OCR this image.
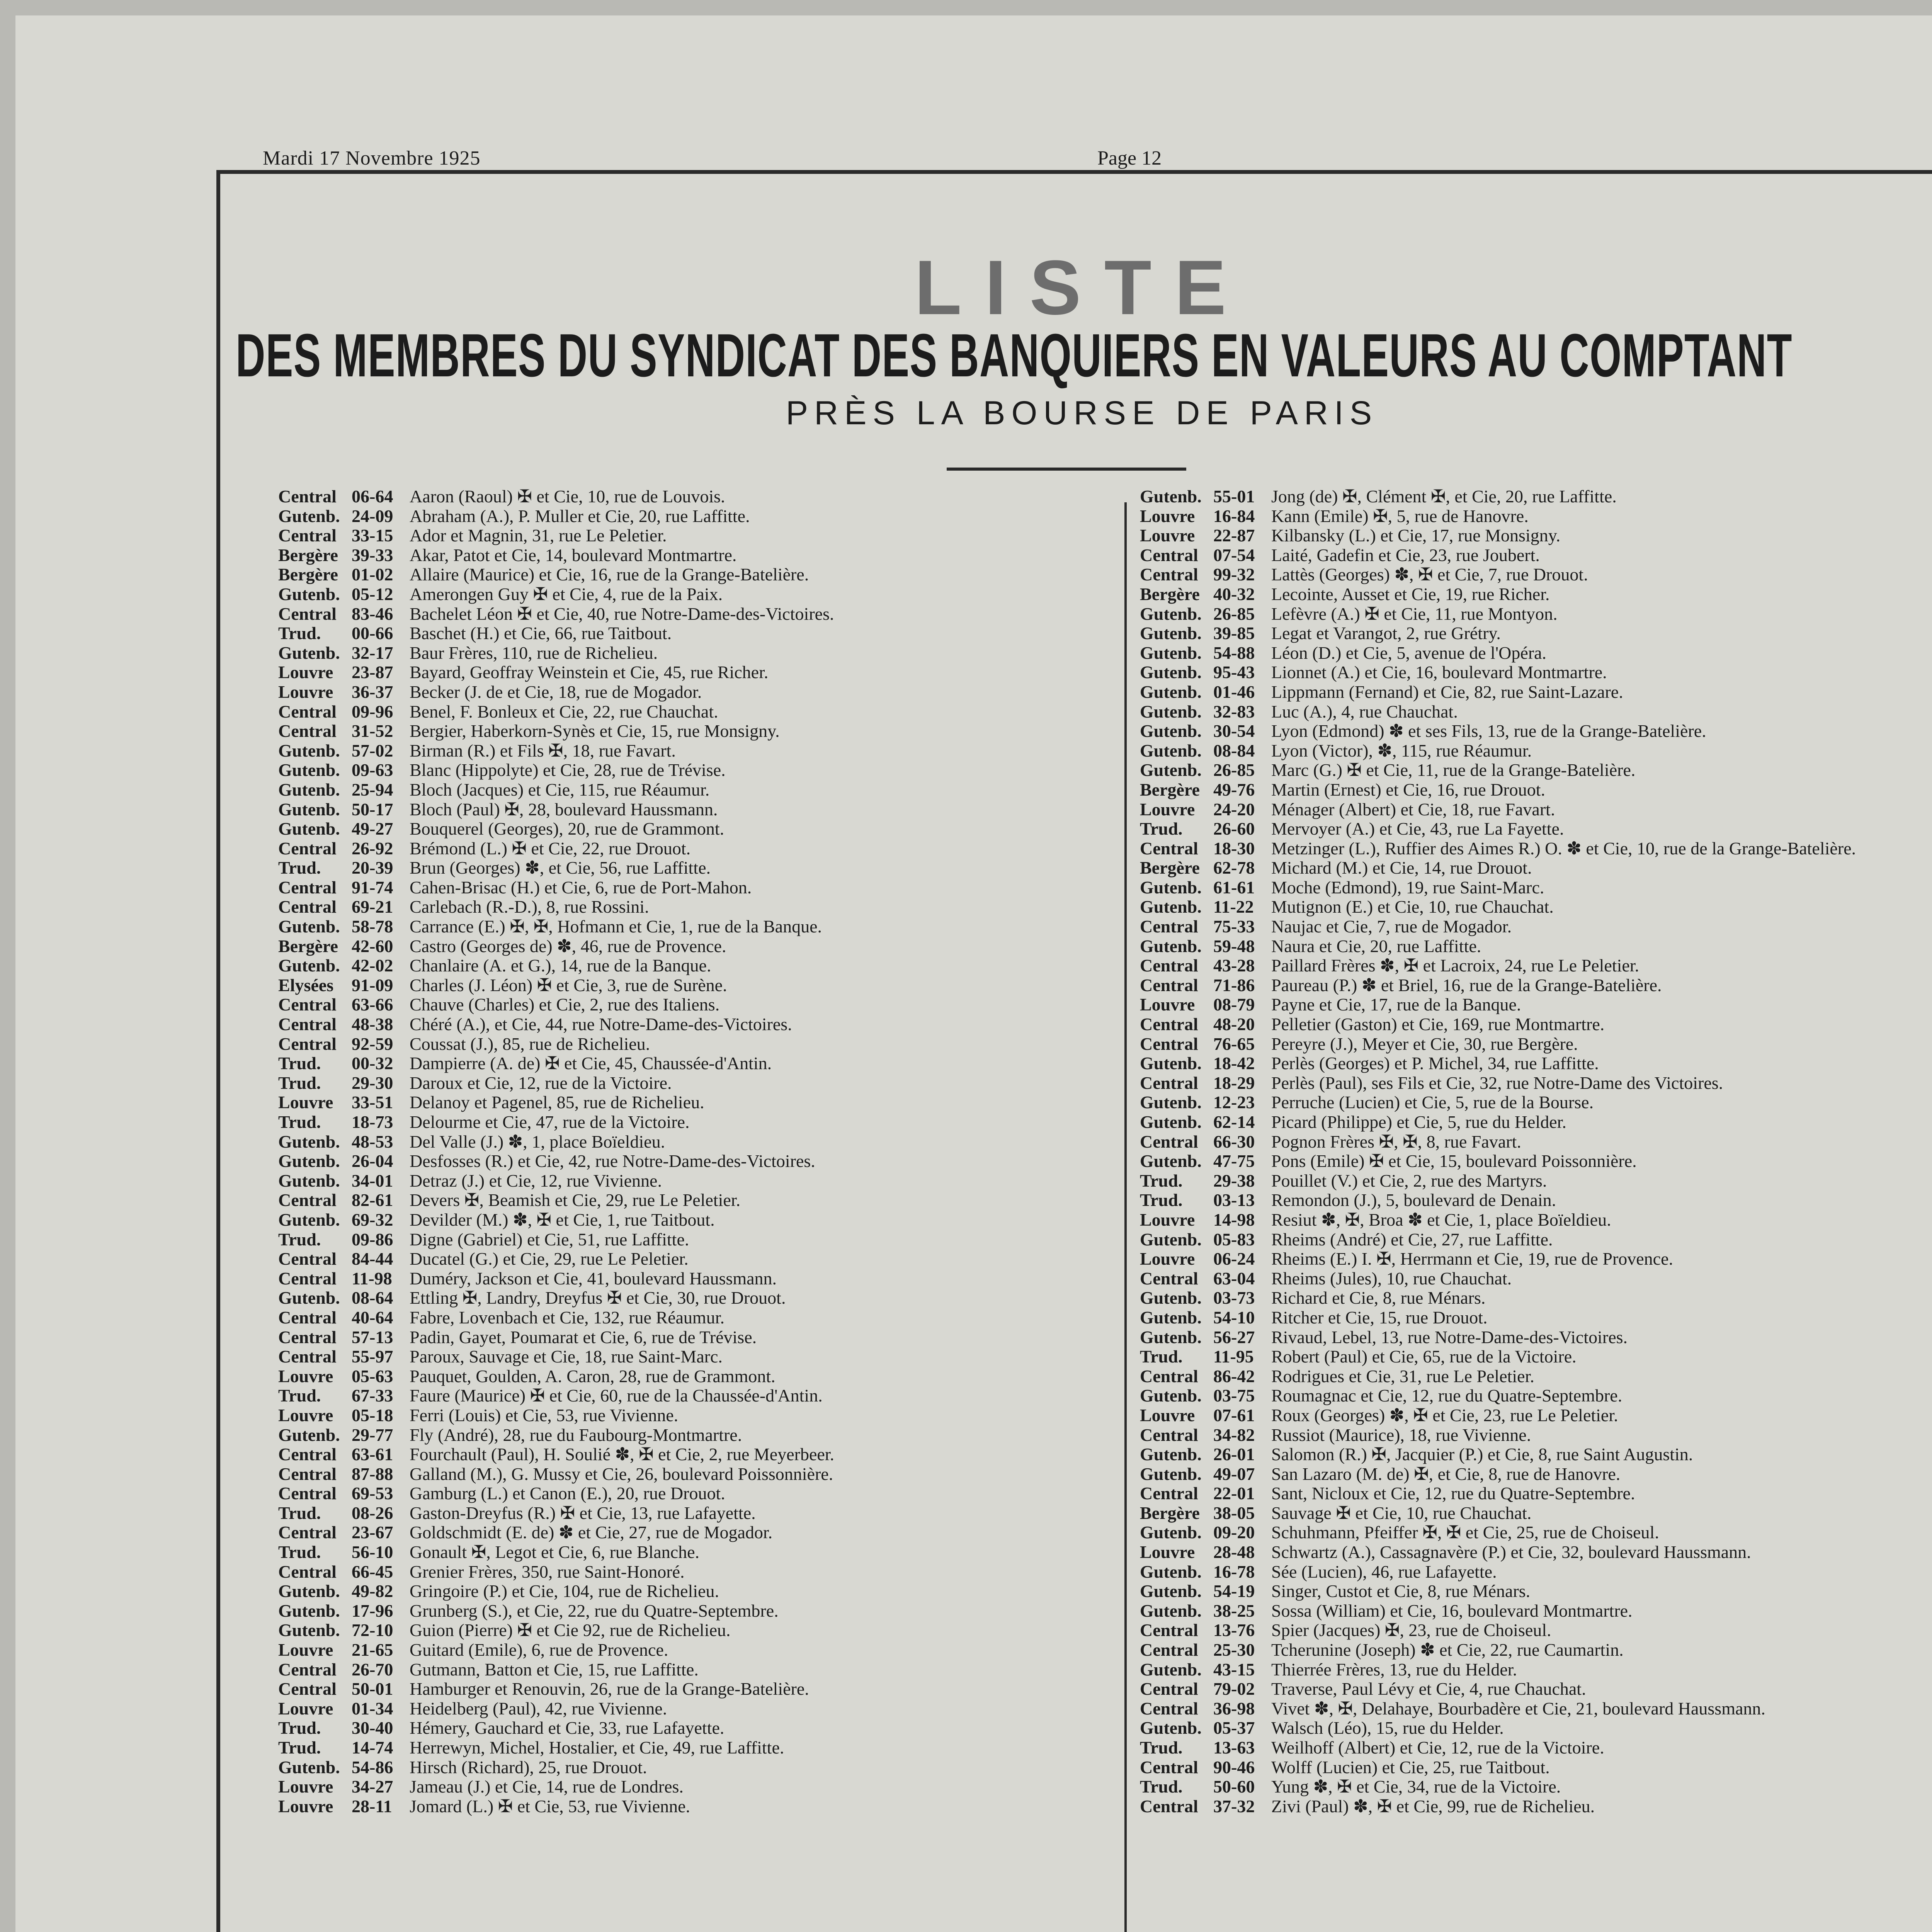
Mardi 17 Novembre 1925	Page 12
LISTE
DES MEMBRES DU SYNDICAT DES BANQUIERS EN VALEURS AU COMPTANT
PRÈS LA BOURSE DE PARIS
Central 06-64 Aaron (Raoul) ✠ et Cie, 10, rue de Louvois.
Gutenb. 24-09 Abraham (A.), P. Muller et Cie, 20, rue Laffitte.
Central 33-15 Ador et Magnin, 31, rue Le Peletier.
Bergère 39-33 Akar, Patot et Cie, 14, boulevard Montmartre.
Bergère 01-02 Allaire (Maurice) et Cie, 16, rue de la Grange-Batelière.
Gutenb. 05-12 Amerongen Guy ✠ et Cie, 4, rue de la Paix.
Central 83-46 Bachelet Léon ✠ et Cie, 40, rue Notre-Dame-des-Victoires.
Trud.	00-66 Baschet (H.) et Cie, 66, rue Taitbout.
Gutenb. 32-17 Baur Frères, 110, rue de Richelieu.
Louvre	23-87 Bayard, Geoffray Weinstein et Cie, 45, rue Richer.
Louvre	36-37 Becker (J. de et Cie, 18, rue de Mogador.
Central 09-96 Benel, F. Bonleux et Cie, 22, rue Chauchat.
Central 31-52 Bergier, Haberkorn-Synès et Cie, 15, rue Monsigny.
Gutenb. 57-02 Birman (R.) et Fils ✠, 18, rue Favart.
Gutenb. 09-63 Blanc (Hippolyte) et Cie, 28, rue de Trévise.
Gutenb. 25-94 Bloch (Jacques) et Cie, 115, rue Réaumur.
Gutenb. 50-17 Bloch (Paul) ✠, 28, boulevard Haussmann.
Gutenb. 49-27 Bouquerel (Georges), 20, rue de Grammont.
Central 26-92 Brémond (L.) ✠ et Cie, 22, rue Drouot.
Trud.	20-39 Brun (Georges) ✽, et Cie, 56, rue Laffitte.
Central 91-74 Cahen-Brisac (H.) et Cie, 6, rue de Port-Mahon.
Central 69-21 Carlebach (R.-D.), 8, rue Rossini.
Gutenb. 58-78 Carrance (E.) ✠, ✠, Hofmann et Cie, 1, rue de la Banque.
Bergère 42-60 Castro (Georges de) ✽, 46, rue de Provence.
Gutenb. 42-02 Chanlaire (A. et G.), 14, rue de la Banque.
Elysées	91-09 Charles (J. Léon) ✠ et Cie, 3, rue de Surène.
Central 63-66 Chauve (Charles) et Cie, 2, rue des Italiens.
Central 48-38 Chéré (A.), et Cie, 44, rue Notre-Dame-des-Victoires.
Central 92-59 Coussat (J.), 85, rue de Richelieu.
Trud.	00-32 Dampierre (A. de) ✠ et Cie, 45, Chaussée-d'Antin.
Trud.	29-30 Daroux et Cie, 12, rue de la Victoire.
Louvre	33-51 Delanoy et Pagenel, 85, rue de Richelieu.
Trud.	18-73 Delourme et Cie, 47, rue de la Victoire.
Gutenb. 48-53 Del Valle (J.) ✽, 1, place Boïeldieu.
Gutenb. 26-04 Desfosses (R.) et Cie, 42, rue Notre-Dame-des-Victoires.
Gutenb. 34-01 Detraz (J.) et Cie, 12, rue Vivienne.
Central 82-61 Devers ✠, Beamish et Cie, 29, rue Le Peletier.
Gutenb. 69-32 Devilder (M.) ✽, ✠ et Cie, 1, rue Taitbout.
Trud.	09-86 Digne (Gabriel) et Cie, 51, rue Laffitte.
Central 84-44 Ducatel (G.) et Cie, 29, rue Le Peletier.
Central 11-98 Duméry, Jackson et Cie, 41, boulevard Haussmann.
Gutenb. 08-64 Ettling ✠, Landry, Dreyfus ✠ et Cie, 30, rue Drouot.
Central 40-64 Fabre, Lovenbach et Cie, 132, rue Réaumur.
Central 57-13 Padin, Gayet, Poumarat et Cie, 6, rue de Trévise.
Central 55-97 Paroux, Sauvage et Cie, 18, rue Saint-Marc.
Louvre	05-63 Pauquet, Goulden, A. Caron, 28, rue de Grammont.
Trud.	67-33 Faure (Maurice) ✠ et Cie, 60, rue de la Chaussée-d'Antin.
Louvre	05-18 Ferri (Louis) et Cie, 53, rue Vivienne.
Gutenb. 29-77 Fly (André), 28, rue du Faubourg-Montmartre.
Central 63-61 Fourchault (Paul), H. Soulié ✽, ✠ et Cie, 2, rue Meyerbeer.
Central 87-88 Galland (M.), G. Mussy et Cie, 26, boulevard Poissonnière.
Central 69-53 Gamburg (L.) et Canon (E.), 20, rue Drouot.
Trud.	08-26 Gaston-Dreyfus (R.) ✠ et Cie, 13, rue Lafayette.
Central 23-67 Goldschmidt (E. de) ✽ et Cie, 27, rue de Mogador.
Trud.	56-10 Gonault ✠, Legot et Cie, 6, rue Blanche.
Central 66-45 Grenier Frères, 350, rue Saint-Honoré.
Gutenb. 49-82 Gringoire (P.) et Cie, 104, rue de Richelieu.
Gutenb. 17-96 Grunberg (S.), et Cie, 22, rue du Quatre-Septembre.
Gutenb. 72-10 Guion (Pierre) ✠ et Cie 92, rue de Richelieu.
Louvre	21-65 Guitard (Emile), 6, rue de Provence.
Central 26-70 Gutmann, Batton et Cie, 15, rue Laffitte.
Central 50-01 Hamburger et Renouvin, 26, rue de la Grange-Batelière.
Louvre	01-34 Heidelberg (Paul), 42, rue Vivienne.
Trud.	30-40 Hémery, Gauchard et Cie, 33, rue Lafayette.
Trud.	14-74 Herrewyn, Michel, Hostalier, et Cie, 49, rue Laffitte.
Gutenb. 54-86 Hirsch (Richard), 25, rue Drouot.
Louvre	34-27 Jameau (J.) et Cie, 14, rue de Londres.
Louvre	28-11 Jomard (L.) ✠ et Cie, 53, rue Vivienne.
Gutenb. 55-01 Jong (de) ✠, Clément ✠, et Cie, 20, rue Laffitte.
Louvre	16-84 Kann (Emile) ✠, 5, rue de Hanovre.
Louvre	22-87 Kilbansky (L.) et Cie, 17, rue Monsigny.
Central 07-54 Laité, Gadefin et Cie, 23, rue Joubert.
Central 99-32 Lattès (Georges) ✽, ✠ et Cie, 7, rue Drouot.
Bergère 40-32 Lecointe, Ausset et Cie, 19, rue Richer.
Gutenb. 26-85 Lefèvre (A.) ✠ et Cie, 11, rue Montyon.
Gutenb. 39-85 Legat et Varangot, 2, rue Grétry.
Gutenb. 54-88 Léon (D.) et Cie, 5, avenue de l'Opéra.
Gutenb. 95-43 Lionnet (A.) et Cie, 16, boulevard Montmartre.
Gutenb. 01-46 Lippmann (Fernand) et Cie, 82, rue Saint-Lazare.
Gutenb. 32-83 Luc (A.), 4, rue Chauchat.
Gutenb. 30-54 Lyon (Edmond) ✽ et ses Fils, 13, rue de la Grange-Batelière.
Gutenb. 08-84 Lyon (Victor), ✽, 115, rue Réaumur.
Gutenb. 26-85 Marc (G.) ✠ et Cie, 11, rue de la Grange-Batelière.
Bergère 49-76 Martin (Ernest) et Cie, 16, rue Drouot.
Louvre	24-20 Ménager (Albert) et Cie, 18, rue Favart.
Trud.	26-60 Mervoyer (A.) et Cie, 43, rue La Fayette.
Central 18-30 Metzinger (L.), Ruffier des Aimes R.) O. ✽ et Cie, 10, rue de la Grange-Batelière.
Bergère 62-78 Michard (M.) et Cie, 14, rue Drouot.
Gutenb. 61-61 Moche (Edmond), 19, rue Saint-Marc.
Gutenb. 11-22 Mutignon (E.) et Cie, 10, rue Chauchat.
Central 75-33 Naujac et Cie, 7, rue de Mogador.
Gutenb. 59-48 Naura et Cie, 20, rue Laffitte.
Central 43-28 Paillard Frères ✽, ✠ et Lacroix, 24, rue Le Peletier.
Central 71-86 Paureau (P.) ✽ et Briel, 16, rue de la Grange-Batelière.
Louvre	08-79 Payne et Cie, 17, rue de la Banque.
Central 48-20 Pelletier (Gaston) et Cie, 169, rue Montmartre.
Central 76-65 Pereyre (J.), Meyer et Cie, 30, rue Bergère.
Gutenb. 18-42 Perlès (Georges) et P. Michel, 34, rue Laffitte.
Central 18-29 Perlès (Paul), ses Fils et Cie, 32, rue Notre-Dame des Victoires.
Gutenb. 12-23 Perruche (Lucien) et Cie, 5, rue de la Bourse.
Gutenb. 62-14 Picard (Philippe) et Cie, 5, rue du Helder.
Central 66-30 Pognon Frères ✠, ✠, 8, rue Favart.
Gutenb. 47-75 Pons (Emile) ✠ et Cie, 15, boulevard Poissonnière.
Trud.	29-38 Pouillet (V.) et Cie, 2, rue des Martyrs.
Trud.	03-13 Remondon (J.), 5, boulevard de Denain.
Louvre	14-98 Resiut ✽, ✠, Broa ✽ et Cie, 1, place Boïeldieu.
Gutenb. 05-83 Rheims (André) et Cie, 27, rue Laffitte.
Louvre	06-24 Rheims (E.) I. ✠, Herrmann et Cie, 19, rue de Provence.
Central 63-04 Rheims (Jules), 10, rue Chauchat.
Gutenb. 03-73 Richard et Cie, 8, rue Ménars.
Gutenb. 54-10 Ritcher et Cie, 15, rue Drouot.
Gutenb. 56-27 Rivaud, Lebel, 13, rue Notre-Dame-des-Victoires.
Trud.	11-95 Robert (Paul) et Cie, 65, rue de la Victoire.
Central 86-42 Rodrigues et Cie, 31, rue Le Peletier.
Gutenb. 03-75 Roumagnac et Cie, 12, rue du Quatre-Septembre.
Louvre	07-61 Roux (Georges) ✽, ✠ et Cie, 23, rue Le Peletier.
Central 34-82 Russiot (Maurice), 18, rue Vivienne.
Gutenb. 26-01 Salomon (R.) ✠, Jacquier (P.) et Cie, 8, rue Saint Augustin.
Gutenb. 49-07 San Lazaro (M. de) ✠, et Cie, 8, rue de Hanovre.
Central 22-01 Sant, Nicloux et Cie, 12, rue du Quatre-Septembre.
Bergère 38-05 Sauvage ✠ et Cie, 10, rue Chauchat.
Gutenb. 09-20 Schuhmann, Pfeiffer ✠, ✠ et Cie, 25, rue de Choiseul.
Louvre	28-48 Schwartz (A.), Cassagnavère (P.) et Cie, 32, boulevard Haussmann.
Gutenb. 16-78 Sée (Lucien), 46, rue Lafayette.
Gutenb. 54-19 Singer, Custot et Cie, 8, rue Ménars.
Gutenb. 38-25 Sossa (William) et Cie, 16, boulevard Montmartre.
Central 13-76 Spier (Jacques) ✠, 23, rue de Choiseul.
Central 25-30 Tcherunine (Joseph) ✽ et Cie, 22, rue Caumartin.
Gutenb. 43-15 Thierrée Frères, 13, rue du Helder.
Central 79-02 Traverse, Paul Lévy et Cie, 4, rue Chauchat.
Central 36-98 Vivet ✽, ✠, Delahaye, Bourbadère et Cie, 21, boulevard Haussmann.
Gutenb. 05-37 Walsch (Léo), 15, rue du Helder.
Trud.	13-63 Weilhoff (Albert) et Cie, 12, rue de la Victoire.
Central 90-46 Wolff (Lucien) et Cie, 25, rue Taitbout.
Trud.	50-60 Yung ✽, ✠ et Cie, 34, rue de la Victoire.
Central 37-32 Zivi (Paul) ✽, ✠ et Cie, 99, rue de Richelieu.
